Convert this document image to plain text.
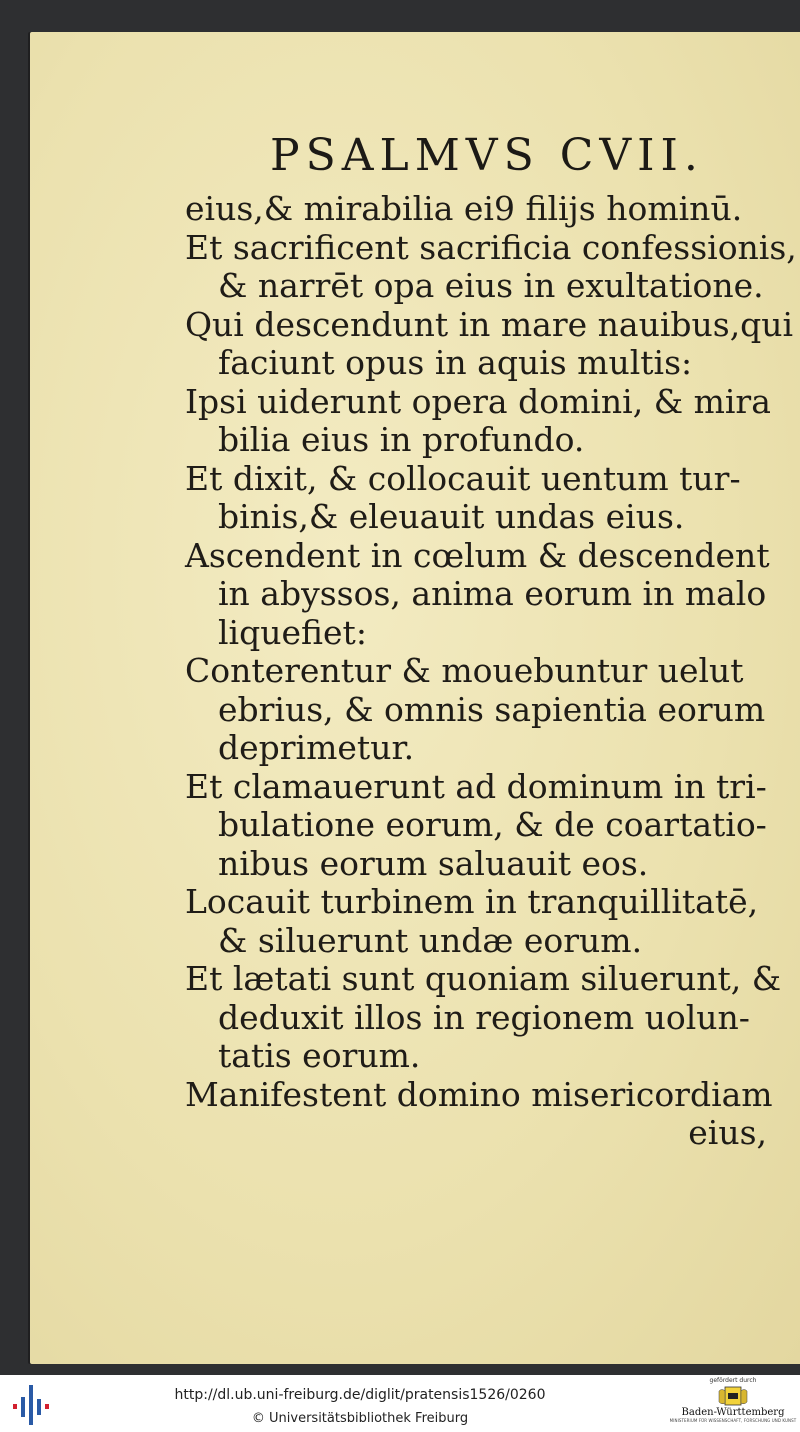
PSALMVS CVII.

eius,& mirabilia ei9 filijs hominū.

Et sacrificent sacrificia confessionis,
& narrēt opa eius in exultatione.

Qui descendunt in mare nauibus,qui
faciunt opus in aquis multis:

Ipsi uiderunt opera domini, & mira
bilia eius in profundo.

Et dixit, & collocauit uentum tur-
binis,& eleuauit undas eius.

Ascendent in cœlum & descendent
in abyssos, anima eorum in malo
liquefiet:

Conterentur & mouebuntur uelut
ebrius, & omnis sapientia eorum
deprimetur.

Et clamauerunt ad dominum in tri-
bulatione eorum, & de coartatio-
nibus eorum saluauit eos.

Locauit turbinem in tranquillitatē,
& siluerunt undæ eorum.

Et lætati sunt quoniam siluerunt, &
deduxit illos in regionem uolun-
tatis eorum.

Manifestent domino misericordiam

eius,
http://dl.ub.uni-freiburg.de/diglit/pratensis1526/0260
© Universitätsbibliothek Freiburg
gefördert durch
Baden-Württemberg
MINISTERIUM FÜR WISSENSCHAFT, FORSCHUNG UND KUNST
